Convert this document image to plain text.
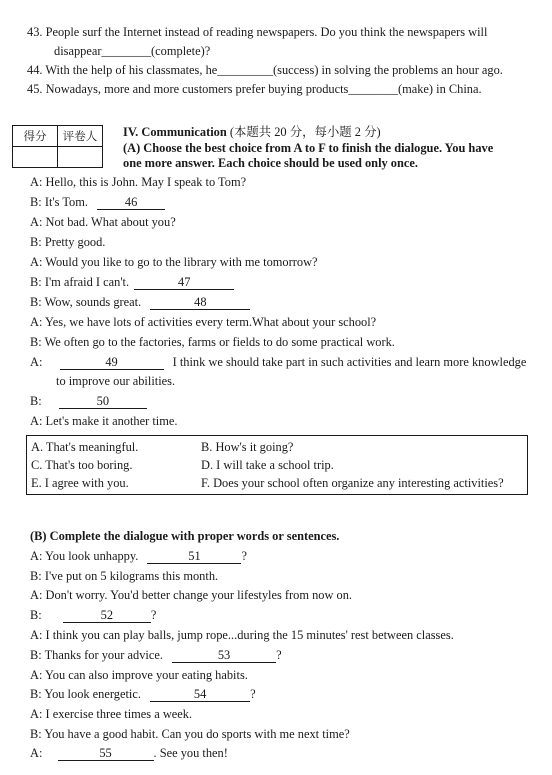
43. People surf the Internet instead of reading newspapers. Do you think the newspapers will
disappear________(complete)?
44. With the help of his classmates, he_________(success) in solving the problems an hour ago.
45. Nowadays, more and more customers prefer buying products________(make) in China.
得分	评卷人
	IV. Communication (本题共 20 分，每小题 2 分)
(A) Choose the best choice from A to F to finish the dialogue. You have
one more answer. Each choice should be used only once.
A: Hello, this is John. May I speak to Tom?
B: It's Tom.	46
A: Not bad. What about you?
B: Pretty good.
A: Would you like to go to the library with me tomorrow?
B: I'm afraid I can't.	47
B: Wow, sounds great.	48
A: Yes, we have lots of activities every term.What about your school?
B: We often go to the factories, farms or fields to do some practical work.
A:	49	I think we should take part in such activities and learn more knowledge
to improve our abilities.
B:	50
A: Let's make it another time.
A. That's meaningful.	B. How's it going?
C. That's too boring.	D. I will take a school trip.
E. I agree with you.	F. Does your school often organize any interesting activities?
(B) Complete the dialogue with proper words or sentences.
A: You look unhappy.	51	?
B: I've put on 5 kilograms this month.
A: Don't worry. You'd better change your lifestyles from now on.
B:	52	?
A: I think you can play balls, jump rope...during the 15 minutes' rest between classes.
B: Thanks for your advice.	53	?
A: You can also improve your eating habits.
B: You look energetic.	54	?
A: I exercise three times a week.
B: You have a good habit. Can you do sports with me next time?
A:	55	. See you then!
